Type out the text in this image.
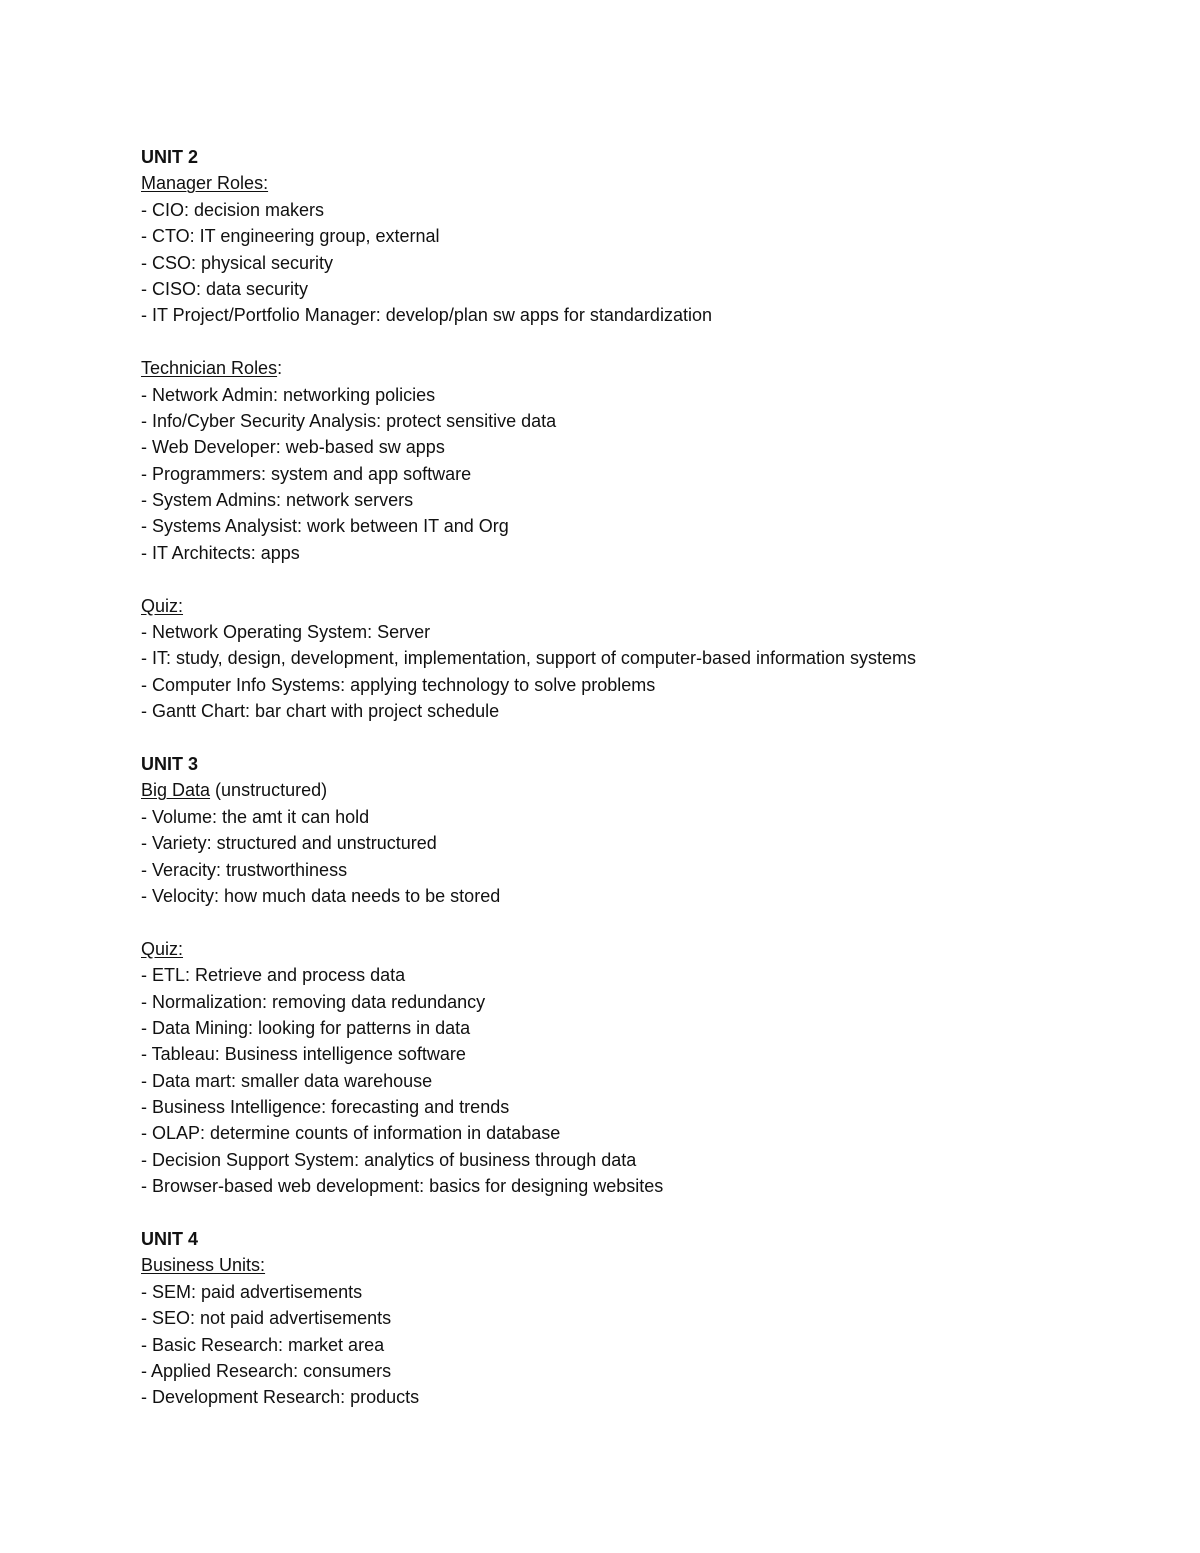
UNIT 2
Manager Roles:
- CIO: decision makers
- CTO: IT engineering group, external
- CSO: physical security
- CISO: data security
- IT Project/Portfolio Manager: develop/plan sw apps for standardization
Technician Roles:
- Network Admin: networking policies
- Info/Cyber Security Analysis: protect sensitive data
- Web Developer: web-based sw apps
- Programmers: system and app software
- System Admins: network servers
- Systems Analysist: work between IT and Org
- IT Architects: apps
Quiz:
- Network Operating System: Server
- IT: study, design, development, implementation, support of computer-based information systems
- Computer Info Systems: applying technology to solve problems
- Gantt Chart: bar chart with project schedule
UNIT 3
Big Data (unstructured)
- Volume: the amt it can hold
- Variety: structured and unstructured
- Veracity: trustworthiness
- Velocity: how much data needs to be stored
Quiz:
- ETL: Retrieve and process data
- Normalization: removing data redundancy
- Data Mining: looking for patterns in data
- Tableau: Business intelligence software
- Data mart: smaller data warehouse
- Business Intelligence: forecasting and trends
- OLAP: determine counts of information in database
- Decision Support System: analytics of business through data
- Browser-based web development: basics for designing websites
UNIT 4
Business Units:
- SEM: paid advertisements
- SEO: not paid advertisements
- Basic Research: market area
- Applied Research: consumers
- Development Research: products
